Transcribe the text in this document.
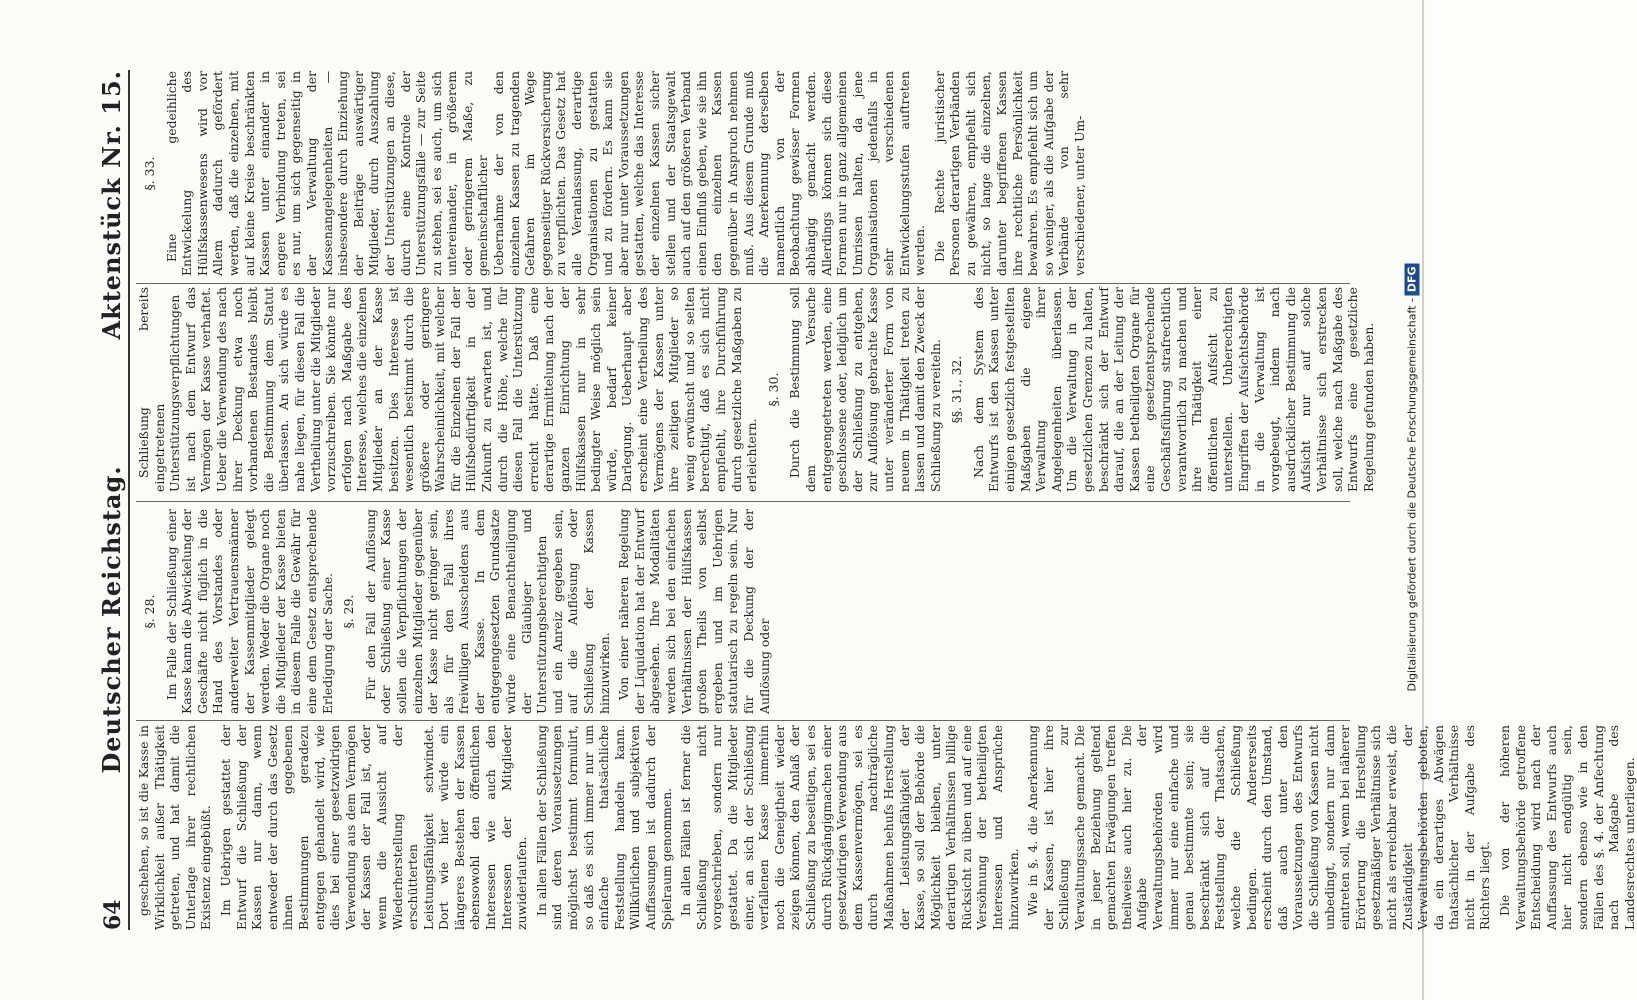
64
Deutscher Reichstag.
Aktenstück Nr. 15.

geschehen, so ist die Kasse in Wirklichkeit außer Thätigkeit getreten, und hat damit die Unterlage ihrer rechtlichen Existenz eingebüßt. Im Uebrigen gestattet der Entwurf die Schließung der Kassen nur dann, wenn entweder der durch das Gesetz ihnen gegebenen Bestimmungen geradezu entgegen gehandelt wird, wie dies bei einer gesetzwidrigen Verwendung aus dem Vermögen der Kassen der Fall ist, oder wenn die Aussicht auf Wiederherstellung der erschütterten Leistungsfähigkeit schwindet. Dort wie hier würde ein längeres Bestehen der Kassen ebensowohl den öffentlichen Interessen wie auch den Interessen der Mitglieder zuwiderlaufen. In allen Fällen der Schließung sind deren Voraussetzungen möglichst bestimmt formulirt, so daß es sich immer nur um einfache thatsächliche Feststellung handeln kann. Willkürlichen und subjektiven Auffassungen ist dadurch der Spielraum genommen. In allen Fällen ist ferner die Schließung nicht vorgeschrieben, sondern nur gestattet. Da die Mitglieder einer, an sich der Schließung verfallenen Kasse immerhin noch die Geneigtheit wieder zeigen können, den Anlaß der Schließung zu beseitigen, sei es durch Rückgängigmachen einer gesetzwidrigen Verwendung aus dem Kassenvermögen, sei es durch nachträgliche Maßnahmen behufs Herstellung der Leistungsfähigkeit der Kasse, so soll der Behörde die Möglichkeit bleiben, unter derartigen Verhältnissen billige Rücksicht zu üben und auf eine Versöhnung der betheiligten Interessen und Ansprüche hinzuwirken. Wie in §. 4. die Anerkennung der Kassen, ist hier ihre Schließung zur Verwaltungssache gemacht. Die in jener Beziehung geltend gemachten Erwägungen treffen theilweise auch hier zu. Die Aufgabe der Verwaltungsbehörden wird immer nur eine einfache und genau bestimmte sein; sie beschränkt sich auf die Feststellung der Thatsachen, welche die Schließung bedingen. Andererseits erscheint durch den Umstand, daß auch unter den Voraussetzungen des Entwurfs die Schließung von Kassen nicht unbedingt, sondern nur dann eintreten soll, wenn bei näherer Erörterung die Herstellung gesetzmäßiger Verhältnisse sich nicht als erreichbar erweist, die Zuständigkeit der Verwaltungsbehörden geboten, da ein derartiges Abwägen thatsächlicher Verhältnisse nicht in der Aufgabe des Richters liegt. Die von der höheren Verwaltungsbehörde getroffene Entscheidung wird nach der Auffassung des Entwurfs auch hier nicht endgültig sein, sondern ebenso wie in den Fällen des §. 4. der Anfechtung nach Maßgabe des Landesrechtes unterliegen.

§. 28. Im Falle der Schließung einer Kasse kann die Abwickelung der Geschäfte nicht füglich in die Hand des Vorstandes oder anderweiter Vertrauensmänner der Kassenmitglieder gelegt werden. Weder die Organe noch die Mitglieder der Kasse bieten in diesem Falle die Gewähr für eine dem Gesetz entsprechende Erledigung der Sache. §. 29. Für den Fall der Auflösung oder Schließung einer Kasse sollen die Verpflichtungen der einzelnen Mitglieder gegenüber der Kasse nicht geringer sein, als für den Fall ihres freiwilligen Ausscheidens aus der Kasse. In dem entgegengesetzten Grundsatze würde eine Benachtheiligung der Gläubiger und Unterstützungsberechtigten und ein Anreiz gegeben sein, auf die Auflösung oder Schließung der Kassen hinzuwirken. Von einer näheren Regelung der Liquidation hat der Entwurf abgesehen. Ihre Modalitäten werden sich bei den einfachen Verhältnissen der Hülfskassen großen Theils von selbst ergeben und im Uebrigen statutarisch zu regeln sein. Nur für die Deckung der der Auflösung oder

Schließung bereits eingetretenen Unterstützungsverpflichtungen ist nach dem Entwurf das Vermögen der Kasse verhaftet. Ueber die Verwendung des nach ihrer Deckung etwa noch vorhandenen Bestandes bleibt die Bestimmung dem Statut überlassen. An sich würde es nahe liegen, für diesen Fall die Vertheilung unter die Mitglieder vorzuschreiben. Sie könnte nur erfolgen nach Maßgabe des Interesse, welches die einzelnen Mitglieder an der Kasse besitzen. Dies Interesse ist wesentlich bestimmt durch die größere oder geringere Wahrscheinlichkeit, mit welcher für die Einzelnen der Fall der Hülfsbedürftigkeit in der Zukunft zu erwarten ist, und durch die Höhe, welche für diesen Fall die Unterstützung erreicht hätte. Daß eine derartige Ermittelung nach der ganzen Einrichtung der Hülfskassen nur in sehr bedingter Weise möglich sein würde, bedarf keiner Darlegung. Ueberhaupt aber erscheint eine Vertheilung des Vermögens der Kassen unter ihre zeitigen Mitglieder so wenig erwünscht und so selten berechtigt, daß es sich nicht empfiehlt, ihre Durchführung durch gesetzliche Maßgaben zu erleichtern.

§. 30. Durch die Bestimmung soll dem Versuche entgegengetreten werden, eine geschlossene oder, lediglich um der Schließung zu entgehen, zur Auflösung gebrachte Kasse unter veränderter Form von neuem in Thätigkeit treten zu lassen und damit den Zweck der Schließung zu vereiteln. §§. 31., 32. Nach dem System des Entwurfs ist den Kassen unter einigen gesetzlich festgestellten Maßgaben die eigene Verwaltung ihrer Angelegenheiten überlassen. Um die Verwaltung in der gesetzlichen Grenzen zu halten, beschränkt sich der Entwurf darauf, die an der Leitung der Kassen betheiligten Organe für eine gesetzentsprechende Geschäftsführung strafrechtlich verantwortlich zu machen und ihre Thätigkeit einer öffentlichen Aufsicht zu unterstellen. Unberechtigten Eingriffen der Aufsichtsbehörde in die Verwaltung ist vorgebeugt, indem nach ausdrücklicher Bestimmung die Aufsicht nur auf solche Verhältnisse sich erstrecken soll, welche nach Maßgabe des Entwurfs eine gesetzliche Regelung gefunden haben.

§. 33. Eine gedeihliche Entwickelung des Hülfskassenwesens wird vor Allem dadurch gefördert werden, daß die einzelnen, mit auf kleine Kreise beschränkten Kassen unter einander in engere Verbindung treten, sei es nur, um sich gegenseitig in der Verwaltung der Kassenangelegenheiten — insbesondere durch Einziehung der Beiträge auswärtiger Mitglieder, durch Auszahlung der Unterstützungen an diese, durch eine Kontrole der Unterstützungsfälle — zur Seite zu stehen, sei es auch, um sich untereinander, in größerem oder geringerem Maße, zu gemeinschaftlicher Uebernahme der von den einzelnen Kassen zu tragenden Gefahren im Wege gegenseitiger Rückversicherung zu verpflichten. Das Gesetz hat alle Veranlassung, derartige Organisationen zu gestatten und zu fördern. Es kann sie aber nur unter Voraussetzungen gestatten, welche das Interesse der einzelnen Kassen sicher stellen und der Staatsgewalt auch auf den größeren Verband einen Einfluß geben, wie sie ihn den einzelnen Kassen gegenüber in Anspruch nehmen muß. Aus diesem Grunde muß die Anerkennung derselben namentlich von der Beobachtung gewisser Formen abhängig gemacht werden. Allerdings können sich diese Formen nur in ganz allgemeinen Umrissen halten, da jene Organisationen jedenfalls in sehr verschiedenen Entwickelungsstufen auftreten werden. Die Rechte juristischer Personen derartigen Verbänden zu gewähren, empfiehlt sich nicht, so lange die einzelnen, darunter begriffenen Kassen ihre rechtliche Persönlichkeit bewahren. Es empfiehlt sich um so weniger, als die Aufgabe der Verbände von sehr verschiedener, unter Um-

Digitalisierung gefördert durch die Deutsche Forschungsgemeinschaft -DFG
